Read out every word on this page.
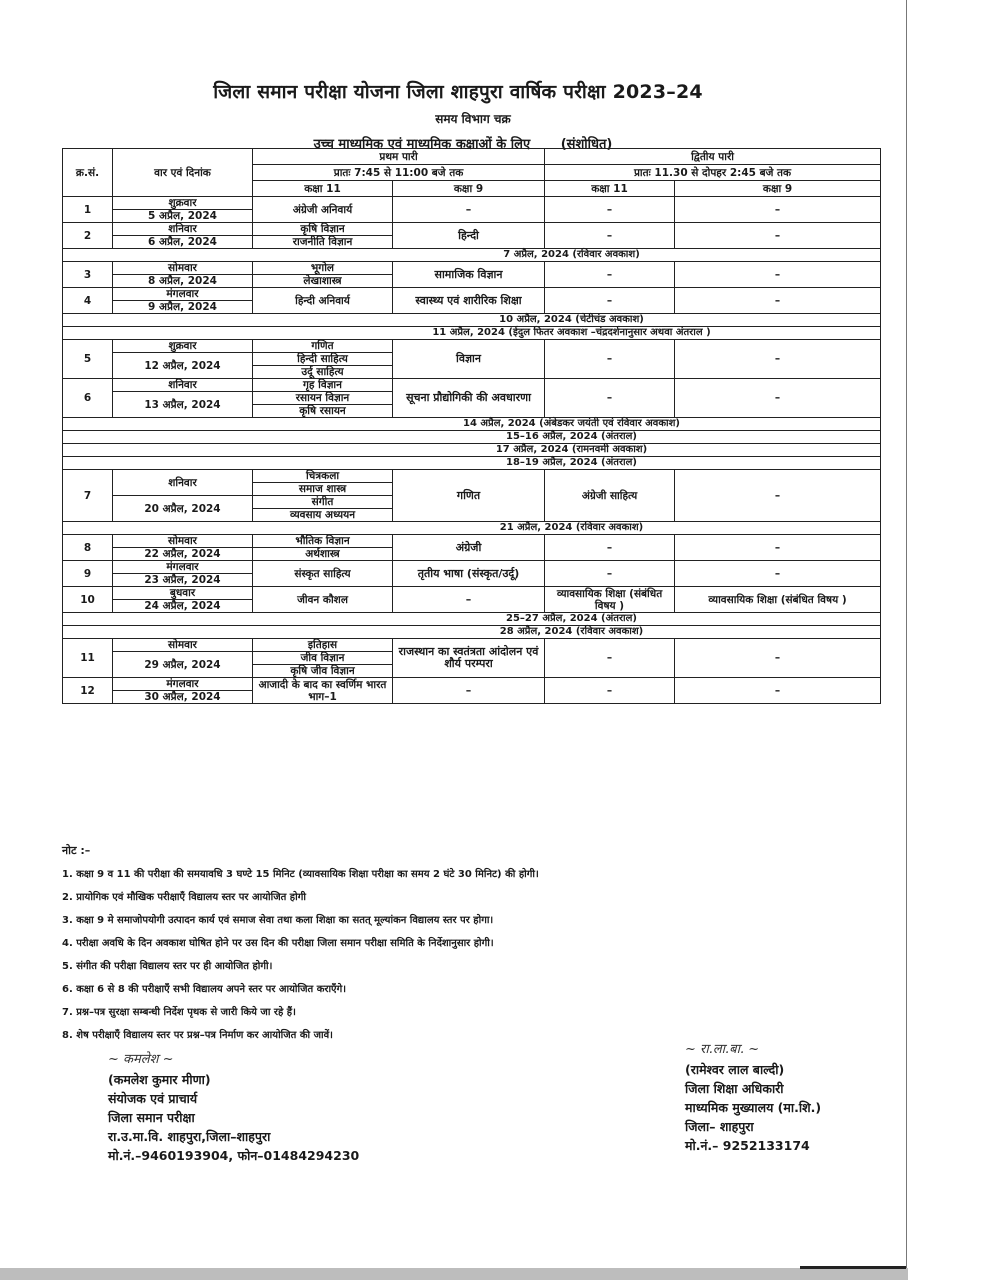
जिला समान परीक्षा योजना जिला शाहपुरा वार्षिक परीक्षा 2023–24
समय विभाग चक्र
उच्च माध्यमिक एवं माध्यमिक कक्षाओं के लिए (संशोधित)
क्र.सं.	वार एवं दिनांक	प्रथम पारी		द्वितीय पारी	
		प्रातः 7:45 से 11:00 बजे तक		प्रातः 11.30 से दोपहर 2:45 बजे तक	
		कक्षा 11	कक्षा 9	कक्षा 11	कक्षा 9
1	शुक्रवार	अंग्रेजी अनिवार्य	–	–	–
	5 अप्रैल, 2024				
2	शनिवार	कृषि विज्ञान	हिन्दी	–	–
	6 अप्रैल, 2024	राजनीति विज्ञान			
7 अप्रैल, 2024 (रविवार अवकाश)					
3	सोमवार	भूगोल	सामाजिक विज्ञान	–	–
	8 अप्रैल, 2024	लेखाशास्त्र			
4	मंगलवार	हिन्दी अनिवार्य	स्वास्थ्य एवं शारीरिक शिक्षा	–	–
	9 अप्रैल, 2024				
10 अप्रैल, 2024 (चेटीचंड अवकाश)					
11 अप्रैल, 2024 (ईदुल फितर अवकाश –चंद्रदर्शनानुसार अथवा अंतराल )					
5	शुक्रवार	गणित	विज्ञान	–	–
	12 अप्रैल, 2024	हिन्दी साहित्य			
		उर्दू साहित्य			
6	शनिवार	गृह विज्ञान	सूचना प्रौद्योगिकी की अवधारणा	–	–
	13 अप्रैल, 2024	रसायन विज्ञान			
		कृषि रसायन			
14 अप्रैल, 2024 (अंबेडकर जयंती एवं रविवार अवकाश)					
15–16 अप्रैल, 2024 (अंतराल)					
17 अप्रैल, 2024 (रामनवमी अवकाश)					
18–19 अप्रैल, 2024 (अंतराल)					
7	शनिवार	चित्रकला	गणित	अंग्रेजी साहित्य	–
		समाज शास्त्र			
	20 अप्रैल, 2024	संगीत			
		व्यवसाय अध्ययन			
21 अप्रैल, 2024 (रविवार अवकाश)					
8	सोमवार	भौतिक विज्ञान	अंग्रेजी	–	–
	22 अप्रैल, 2024	अर्थशास्त्र			
9	मंगलवार	संस्कृत साहित्य	तृतीय भाषा (संस्कृत/उर्दू)	–	–
	23 अप्रैल, 2024				
10	बुधवार	जीवन कौशल	–	व्यावसायिक शिक्षा (संबंधित विषय )	व्यावसायिक शिक्षा (संबंधित विषय )
	24 अप्रैल, 2024				
25–27 अप्रैल, 2024 (अंतराल)					
28 अप्रैल, 2024 (रविवार अवकाश)					
11	सोमवार	इतिहास	राजस्थान का स्वतंत्रता आंदोलन एवं शौर्य परम्परा	–	–
	29 अप्रैल, 2024	जीव विज्ञान			
		कृषि जीव विज्ञान			
12	मंगलवार	आजादी के बाद का स्वर्णिम भारत भाग–1	–	–	–
	30 अप्रैल, 2024				
नोट :–
1. कक्षा 9 व 11 की परीक्षा की समयावधि 3 घण्टे 15 मिनिट (व्यावसायिक शिक्षा परीक्षा का समय 2 घंटे 30 मिनिट) की होगी।
2. प्रायोगिक एवं मौखिक परीक्षाएँ विद्यालय स्तर पर आयोजित होगी
3. कक्षा 9 मे समाजोपयोगी उत्पादन कार्य एवं समाज सेवा तथा कला शिक्षा का सतत् मूल्यांकन विद्यालय स्तर पर होगा।
4. परीक्षा अवधि के दिन अवकाश घोषित होने पर उस दिन की परीक्षा जिला समान परीक्षा समिति के निर्देशानुसार होगी।
5. संगीत की परीक्षा विद्यालय स्तर पर ही आयोजित होगी।
6. कक्षा 6 से 8 की परीक्षाएँ सभी विद्यालय अपने स्तर पर आयोजित कराएँगे।
7. प्रश्न–पत्र सुरक्षा सम्बन्धी निर्देश पृथक से जारी किये जा रहे हैं।
8. शेष परीक्षाएँ विद्यालय स्तर पर प्रश्न–पत्र निर्माण कर आयोजित की जावें।
~ कमलेश ~
(कमलेश कुमार मीणा)
संयोजक एवं प्राचार्य
जिला समान परीक्षा
रा.उ.मा.वि. शाहपुरा,जिला–शाहपुरा
मो.नं.–9460193904, फोन–01484294230
~ रा.ला.बा. ~
(रामेश्वर लाल बाल्दी)
जिला शिक्षा अधिकारी
माध्यमिक मुख्यालय (मा.शि.)
जिला– शाहपुरा
मो.नं.– 9252133174
